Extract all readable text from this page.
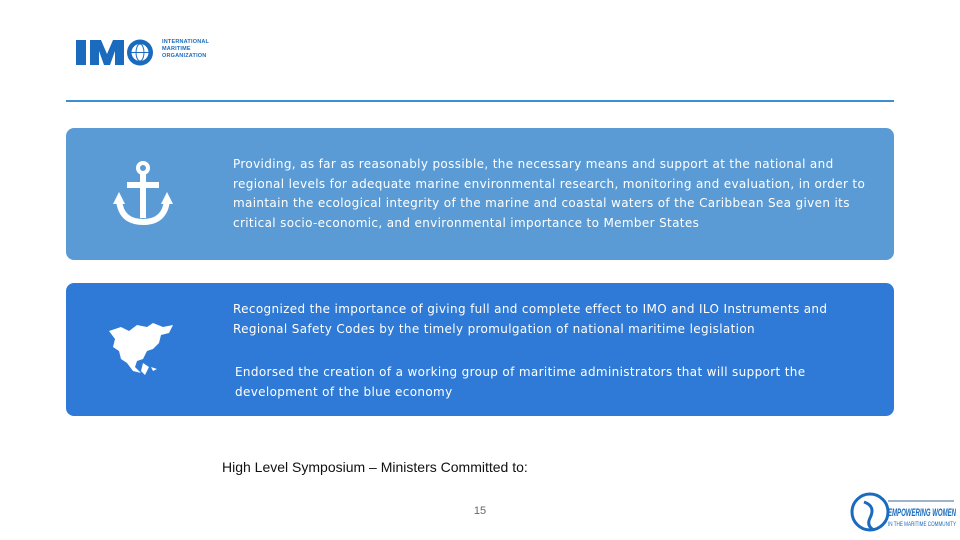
INTERNATIONAL
MARITIME
ORGANIZATION
Providing, as far as reasonably possible, the necessary means and support at the national and regional levels for adequate marine environmental research, monitoring and evaluation, in order to maintain the ecological integrity of the marine and coastal waters of the Caribbean Sea given its critical socio-economic, and environmental importance to Member States
Recognized the importance of giving full and complete effect to IMO and ILO Instruments and Regional Safety Codes by the timely promulgation of national maritime legislation
Endorsed the creation of a working group of maritime administrators that will support the development of the blue economy
High Level Symposium – Ministers Committed to:
15	EMPOWERING WOMEN
IN THE MARITIME COMMUNITY
